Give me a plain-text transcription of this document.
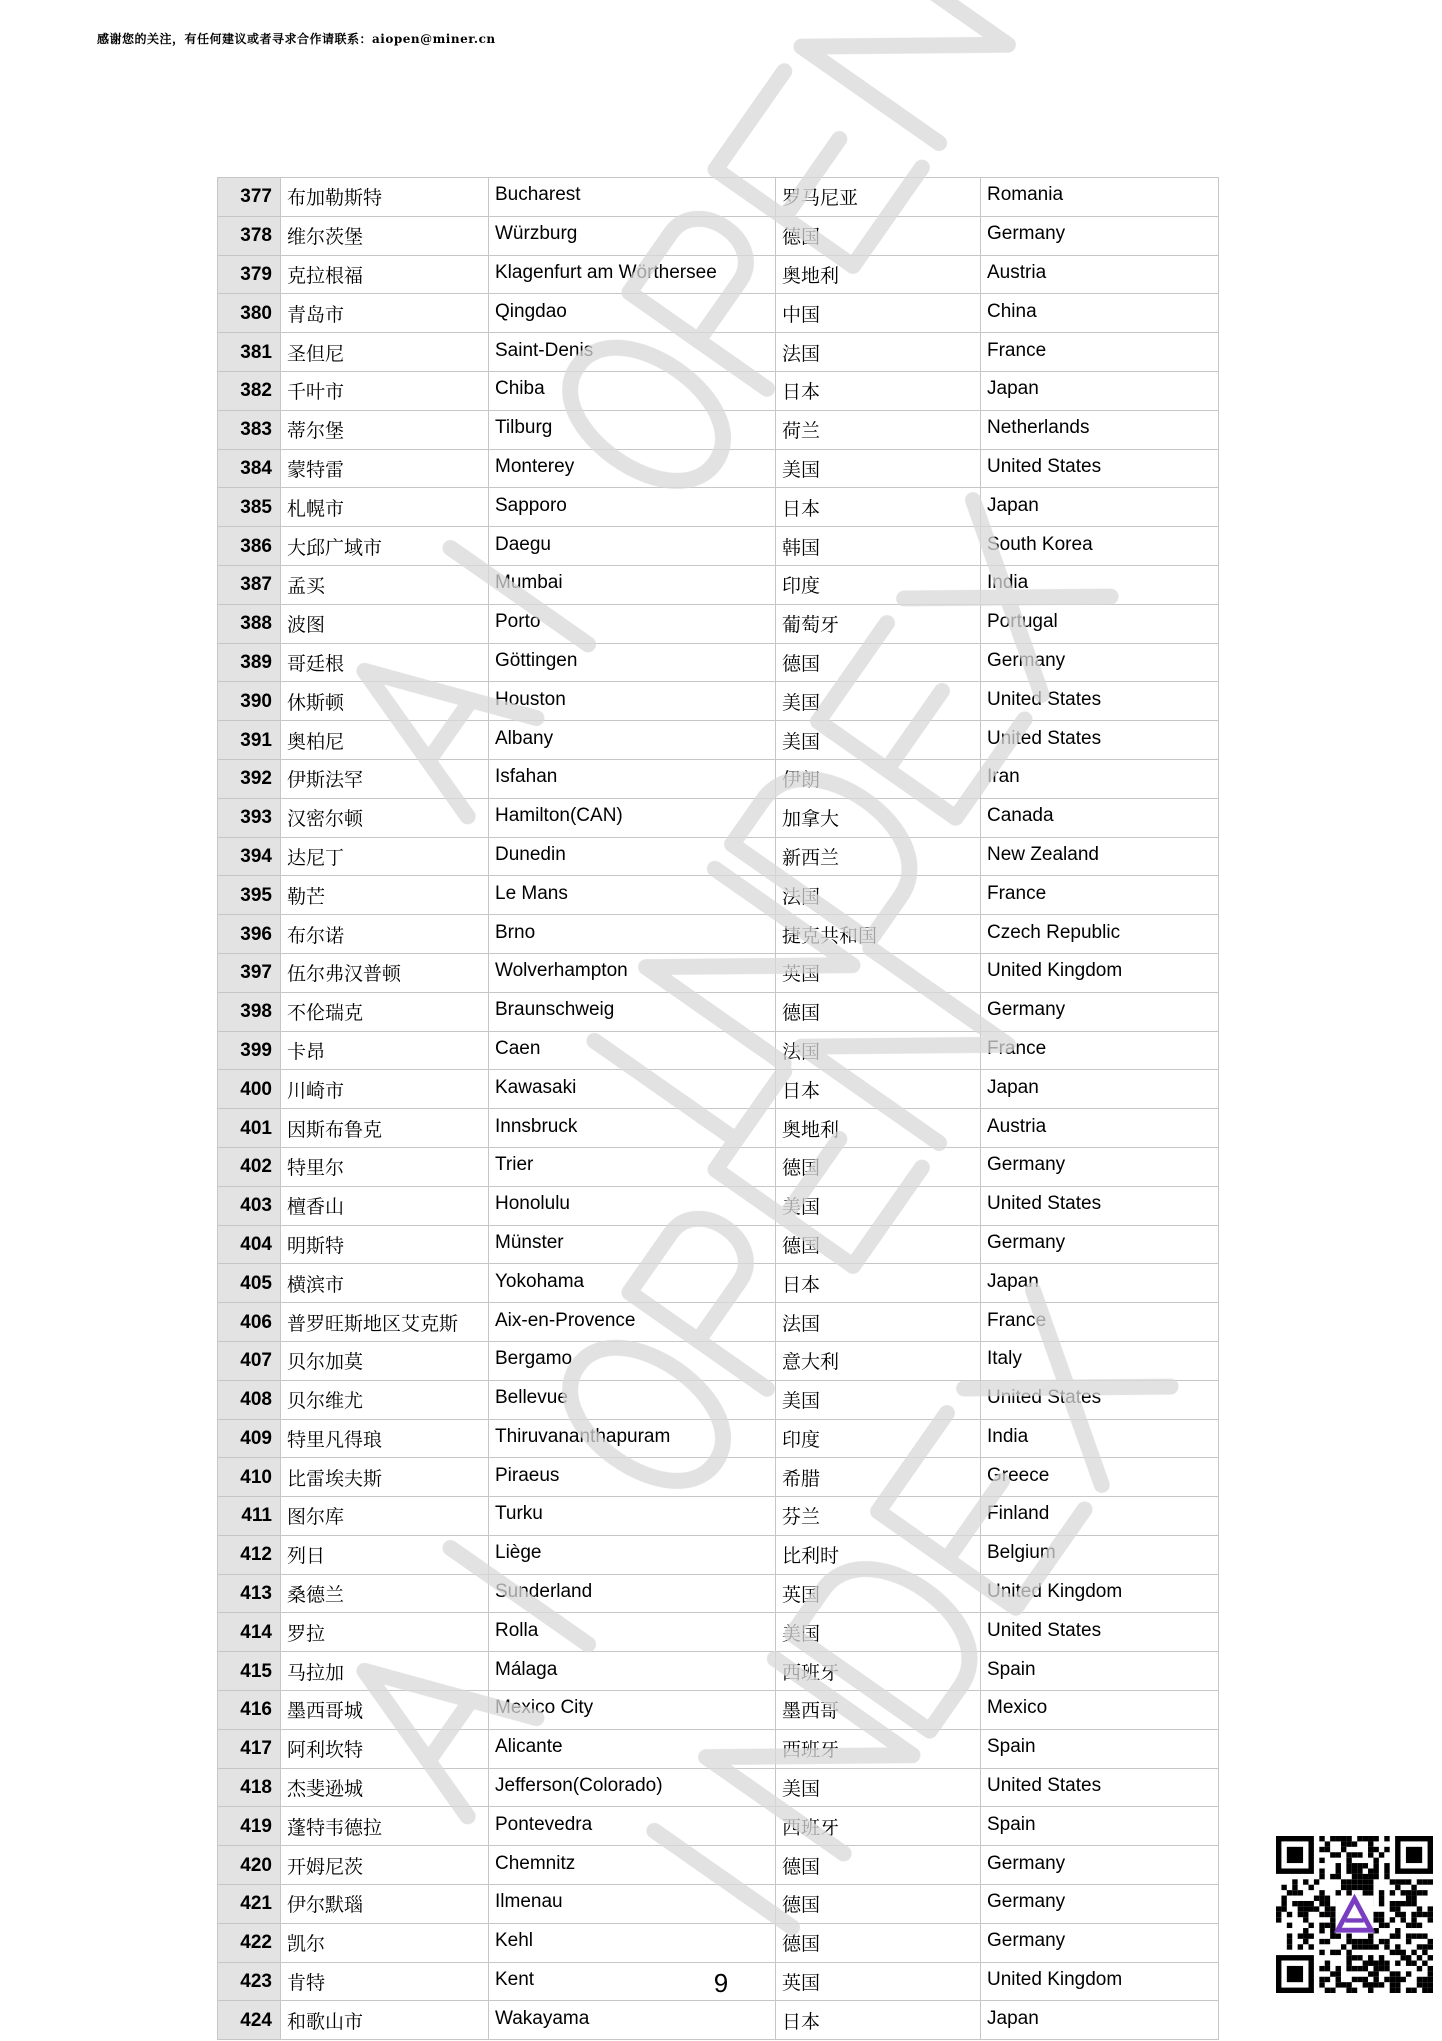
感谢您的关注，有任何建议或者寻求合作请联系：aiopen@miner.cn
377	布加勒斯特	Bucharest	罗马尼亚	Romania
378	维尔茨堡	Würzburg	德国	Germany
379	克拉根福	Klagenfurt am Wörthersee	奥地利	Austria
380	青岛市	Qingdao	中国	China
381	圣但尼	Saint-Denis	法国	France
382	千叶市	Chiba	日本	Japan
383	蒂尔堡	Tilburg	荷兰	Netherlands
384	蒙特雷	Monterey	美国	United States
385	札幌市	Sapporo	日本	Japan
386	大邱广域市	Daegu	韩国	South Korea
387	孟买	Mumbai	印度	India
388	波图	Porto	葡萄牙	Portugal
389	哥廷根	Göttingen	德国	Germany
390	休斯顿	Houston	美国	United States
391	奥柏尼	Albany	美国	United States
392	伊斯法罕	Isfahan	伊朗	Iran
393	汉密尔顿	Hamilton(CAN)	加拿大	Canada
394	达尼丁	Dunedin	新西兰	New Zealand
395	勒芒	Le Mans	法国	France
396	布尔诺	Brno	捷克共和国	Czech Republic
397	伍尔弗汉普顿	Wolverhampton	英国	United Kingdom
398	不伦瑞克	Braunschweig	德国	Germany
399	卡昂	Caen	法国	France
400	川崎市	Kawasaki	日本	Japan
401	因斯布鲁克	Innsbruck	奥地利	Austria
402	特里尔	Trier	德国	Germany
403	檀香山	Honolulu	美国	United States
404	明斯特	Münster	德国	Germany
405	横滨市	Yokohama	日本	Japan
406	普罗旺斯地区艾克斯	Aix-en-Provence	法国	France
407	贝尔加莫	Bergamo	意大利	Italy
408	贝尔维尤	Bellevue	美国	United States
409	特里凡得琅	Thiruvananthapuram	印度	India
410	比雷埃夫斯	Piraeus	希腊	Greece
411	图尔库	Turku	芬兰	Finland
412	列日	Liège	比利时	Belgium
413	桑德兰	Sunderland	英国	United Kingdom
414	罗拉	Rolla	美国	United States
415	马拉加	Málaga	西班牙	Spain
416	墨西哥城	Mexico City	墨西哥	Mexico
417	阿利坎特	Alicante	西班牙	Spain
418	杰斐逊城	Jefferson(Colorado)	美国	United States
419	蓬特韦德拉	Pontevedra	西班牙	Spain
420	开姆尼茨	Chemnitz	德国	Germany
421	伊尔默瑙	Ilmenau	德国	Germany
422	凯尔	Kehl	德国	Germany
423	肯特	Kent	英国	United Kingdom
424	和歌山市	Wakayama	日本	Japan
9
